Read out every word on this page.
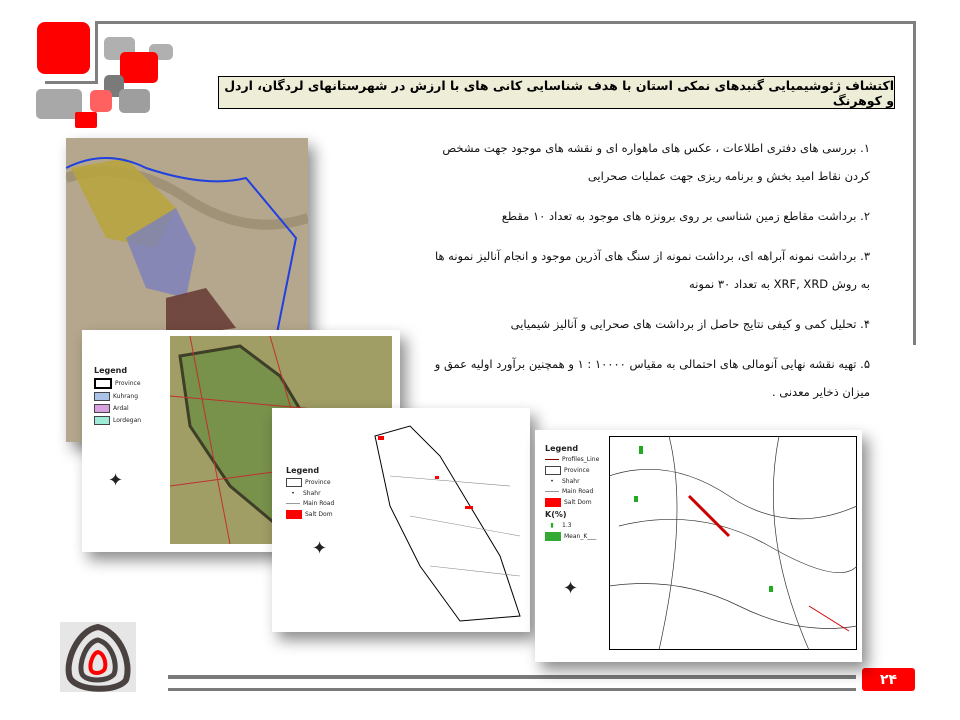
اکتشاف ژئوشیمیایی گنبدهای نمکی استان با هدف شناسایی کانی های با ارزش در شهرستانهای لردگان، اردل و کوهرنگ

۱. بررسی های دفتری اطلاعات ، عکس های ماهواره ای و نقشه های موجود جهت مشخص کردن نقاط امید بخش و برنامه ریزی جهت عملیات صحرایی

۲. برداشت مقاطع زمین شناسی بر روی برونزه های موجود به تعداد ۱۰ مقطع

۳. برداشت نمونه آبراهه ای، برداشت نمونه از سنگ های آذرین موجود و انجام آنالیز نمونه ها به روش XRF, XRD به تعداد ۳۰ نمونه

۴. تحلیل کمی و کیفی نتایج حاصل از برداشت های صحرایی و آنالیز شیمیایی

۵. تهیه نقشه نهایی آنومالی های احتمالی به مقیاس ۱۰۰۰۰ : ۱ و همچنین برآورد اولیه عمق و میزان ذخایر معدنی .

Legend
Province
Kuhrang
Ardal
Lordegan
✦	Legend
Province
•	Shahr
Main Road
Salt Dom
✦
Legend
Profiles_Line
Province
•	Shahr
Main Road
Salt Dom
K(%)
▮	1.3
Mean_K___
✦
۲۴
